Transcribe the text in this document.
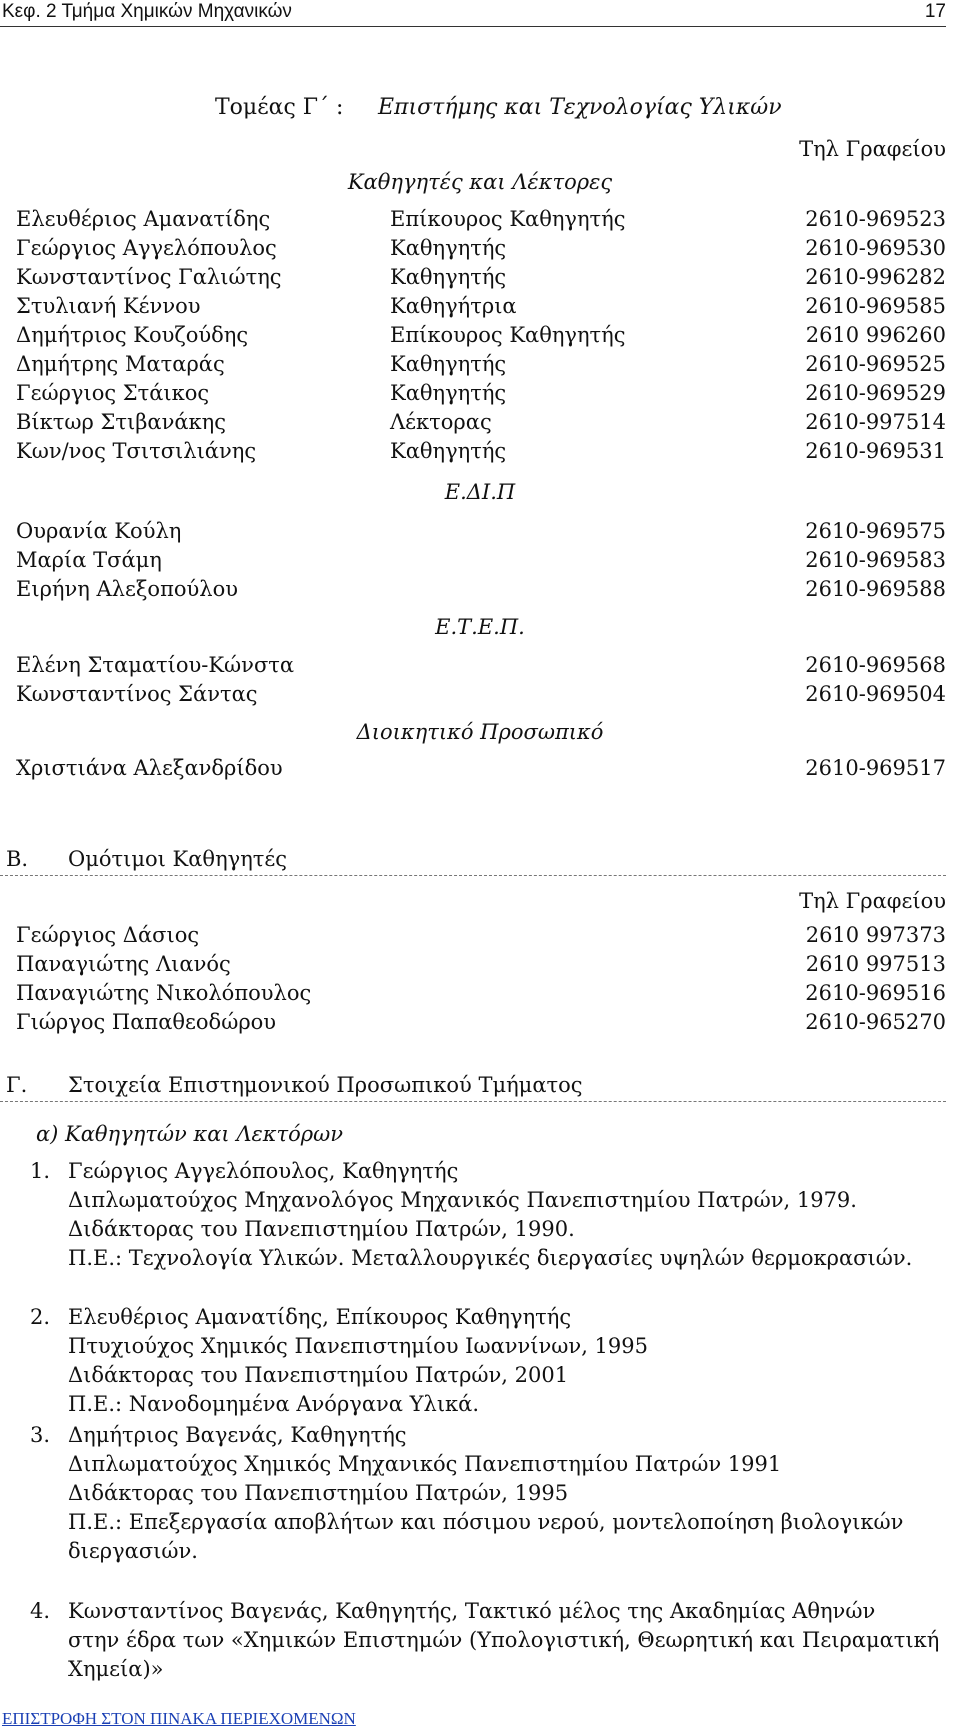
Κεφ. 2 Τμήμα Χημικών Μηχανικών	17
Τομέας Γ΄ : Επιστήμης και Τεχνολογίας Υλικών
Τηλ Γραφείου
Καθηγητές και Λέκτορες
Ελευθέριος Αμανατίδης	Επίκουρος Καθηγητής	2610-969523
Γεώργιος Αγγελόπουλος	Καθηγητής	2610-969530
Κωνσταντίνος Γαλιώτης	Καθηγητής	2610-996282
Στυλιανή Κέννου	Καθηγήτρια	2610-969585
Δημήτριος Κουζούδης	Επίκουρος Καθηγητής	2610 996260
Δημήτρης Ματαράς	Καθηγητής	2610-969525
Γεώργιος Στάικος	Καθηγητής	2610-969529
Βίκτωρ Στιβανάκης	Λέκτορας	2610-997514
Κων/νος Τσιτσιλιάνης	Καθηγητής	2610-969531
Ε.ΔΙ.Π
Ουρανία Κούλη	2610-969575
Μαρία Τσάμη	2610-969583
Ειρήνη Αλεξοπούλου	2610-969588
Ε.Τ.Ε.Π.
Ελένη Σταματίου-Κώνστα	2610-969568
Κωνσταντίνος Σάντας	2610-969504
Διοικητικό Προσωπικό
Χριστιάνα Αλεξανδρίδου	2610-969517
Β. Ομότιμοι Καθηγητές
Τηλ Γραφείου
Γεώργιος Δάσιος	2610 997373
Παναγιώτης Λιανός	2610 997513
Παναγιώτης Νικολόπουλος	2610-969516
Γιώργος Παπαθεοδώρου	2610-965270
Γ. Στοιχεία Επιστημονικού Προσωπικού Τμήματος
α) Καθηγητών και Λεκτόρων
1. Γεώργιος Αγγελόπουλος, Καθηγητής
Διπλωματούχος Μηχανολόγος Μηχανικός Πανεπιστημίου Πατρών, 1979.
Διδάκτορας του Πανεπιστημίου Πατρών, 1990.
Π.Ε.: Τεχνολογία Υλικών. Μεταλλουργικές διεργασίες υψηλών θερμοκρασιών.
2. Ελευθέριος Αμανατίδης, Επίκουρος Καθηγητής
Πτυχιούχος Χημικός Πανεπιστημίου Ιωαννίνων, 1995
Διδάκτορας του Πανεπιστημίου Πατρών, 2001
Π.Ε.: Νανοδομημένα Ανόργανα Υλικά.
3. Δημήτριος Βαγενάς, Καθηγητής
Διπλωματούχος Χημικός Μηχανικός Πανεπιστημίου Πατρών 1991
Διδάκτορας του Πανεπιστημίου Πατρών, 1995
Π.Ε.: Επεξεργασία αποβλήτων και πόσιμου νερού, μοντελοποίηση βιολογικών
διεργασιών.
4. Κωνσταντίνος Βαγενάς, Καθηγητής, Τακτικό μέλος της Ακαδημίας Αθηνών
στην έδρα των «Χημικών Επιστημών (Υπολογιστική, Θεωρητική και Πειραματική
Χημεία)»
ΕΠΙΣΤΡΟΦΗ ΣΤΟΝ ΠΙΝΑΚΑ ΠΕΡΙΕΧΟΜΕΝΩΝ
